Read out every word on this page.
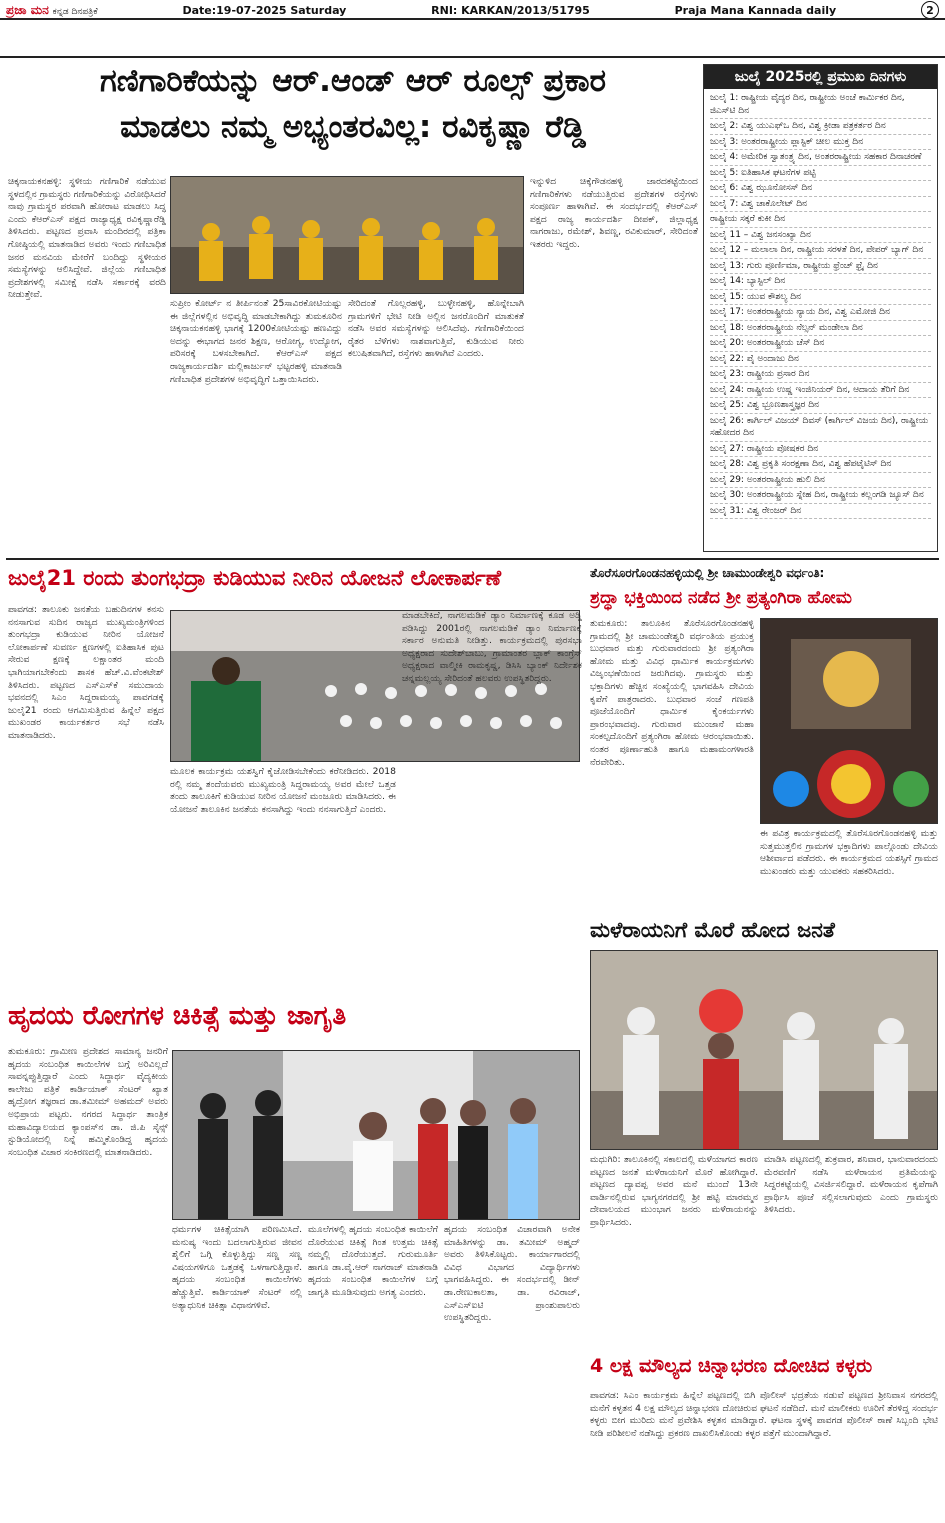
ಪ್ರಜಾ ಮನ ಕನ್ನಡ ದಿನಪತ್ರಿಕೆ	Date:19-07-2025 Saturday	RNI: KARKAN/2013/51795	Praja Mana Kannada daily	2
ಗಣಿಗಾರಿಕೆಯನ್ನು ಆರ್.ಆಂಡ್ ಆರ್ ರೂಲ್ಸ್ ಪ್ರಕಾರ
ಮಾಡಲು ನಮ್ಮ ಅಭ್ಯಂತರವಿಲ್ಲ: ರವಿಕೃಷ್ಣಾ ರೆಡ್ಡಿ
ಜುಲೈ 2025ರಲ್ಲಿ ಪ್ರಮುಖ ದಿನಗಳು
ಜುಲೈ 1: ರಾಷ್ಟ್ರೀಯ ವೈದ್ಯರ ದಿನ, ರಾಷ್ಟ್ರೀಯ ಅಂಚೆ ಕಾರ್ಮಿಕರ ದಿನ, ಜಿಎಸ್‌ಟಿ ದಿನ
ಜುಲೈ 2: ವಿಶ್ವ ಯುಎಫ್‌ಒ ದಿನ, ವಿಶ್ವ ಕ್ರೀಡಾ ಪತ್ರಕರ್ತರ ದಿನ
ಜುಲೈ 3: ಅಂತರರಾಷ್ಟ್ರೀಯ ಪ್ಲಾಸ್ಟಿಕ್ ಚೀಲ ಮುಕ್ತ ದಿನ
ಜುಲೈ 4: ಅಮೇರಿಕ ಸ್ವಾತಂತ್ರ್ಯ ದಿನ, ಅಂತರರಾಷ್ಟ್ರೀಯ ಸಹಕಾರ ದಿನಾಚರಣೆ
ಜುಲೈ 5: ಐತಿಹಾಸಿಕ ಘಟನೆಗಳ ಪಟ್ಟಿ
ಜುಲೈ 6: ವಿಶ್ವ ಝೂನೋಸಸ್ ದಿನ
ಜುಲೈ 7: ವಿಶ್ವ ಚಾಕೊಲೇಟ್ ದಿನ
ರಾಷ್ಟ್ರೀಯ ಸಕ್ಕರೆ ಕುಕೀ ದಿನ
ಜುಲೈ 11 – ವಿಶ್ವ ಜನಸಂಖ್ಯಾ ದಿನ
ಜುಲೈ 12 – ಮಲಾಲಾ ದಿನ, ರಾಷ್ಟ್ರೀಯ ಸರಳತೆ ದಿನ, ಪೇಪರ್ ಬ್ಯಾಗ್ ದಿನ
ಜುಲೈ 13: ಗುರು ಪೂರ್ಣಿಮಾ, ರಾಷ್ಟ್ರೀಯ ಫ್ರೆಂಚ್ ಫ್ರೈ ದಿನ
ಜುಲೈ 14: ಬ್ಯಾಸ್ಟಿಲ್ ದಿನ
ಜುಲೈ 15: ಯುವ ಕೌಶಲ್ಯ ದಿನ
ಜುಲೈ 17: ಅಂತರರಾಷ್ಟ್ರೀಯ ನ್ಯಾಯ ದಿನ, ವಿಶ್ವ ಎಮೋಜಿ ದಿನ
ಜುಲೈ 18: ಅಂತರರಾಷ್ಟ್ರೀಯ ನೆಲ್ಸನ್ ಮಂಡೇಲಾ ದಿನ
ಜುಲೈ 20: ಅಂತರರಾಷ್ಟ್ರೀಯ ಚೆಸ್ ದಿನ
ಜುಲೈ 22: ಪೈ ಅಂದಾಜು ದಿನ
ಜುಲೈ 23: ರಾಷ್ಟ್ರೀಯ ಪ್ರಸಾರ ದಿನ
ಜುಲೈ 24: ರಾಷ್ಟ್ರೀಯ ಉಷ್ಣ ಇಂಜಿನಿಯರ್ ದಿನ, ಆದಾಯ ತೆರಿಗೆ ದಿನ
ಜುಲೈ 25: ವಿಶ್ವ ಭ್ರೂಣಶಾಸ್ತ್ರಜ್ಞರ ದಿನ
ಜುಲೈ 26: ಕಾರ್ಗಿಲ್ ವಿಜಯ್ ದಿವಸ್ (ಕಾರ್ಗಿಲ್ ವಿಜಯ ದಿನ), ರಾಷ್ಟ್ರೀಯ ಸಹೋದರ ದಿನ
ಜುಲೈ 27: ರಾಷ್ಟ್ರೀಯ ಪೋಷಕರ ದಿನ
ಜುಲೈ 28: ವಿಶ್ವ ಪ್ರಕೃತಿ ಸಂರಕ್ಷಣಾ ದಿನ, ವಿಶ್ವ ಹೆಪಟೈಟಿಸ್ ದಿನ
ಜುಲೈ 29: ಅಂತರರಾಷ್ಟ್ರೀಯ ಹುಲಿ ದಿನ
ಜುಲೈ 30: ಅಂತರರಾಷ್ಟ್ರೀಯ ಸ್ನೇಹ ದಿನ, ರಾಷ್ಟ್ರೀಯ ಕಲ್ಲಂಗಡಿ ಜ್ಯೂಸ್ ದಿನ
ಜುಲೈ 31: ವಿಶ್ವ ರೇಂಜರ್ ದಿನ
ಚಿಕ್ಕನಾಯಕನಹಳ್ಳಿ: ಸ್ಥಳೀಯ ಗಣಿಗಾರಿಕೆ ನಡೆಯುವ ಸ್ಥಳದಲ್ಲಿನ ಗ್ರಾಮಸ್ಥರು ಗಣಿಗಾರಿಕೆಯನ್ನು ವಿರೋಧಿಸಿದರೆ ನಾವು ಗ್ರಾಮಸ್ಥರ ಪರವಾಗಿ ಹೋರಾಟ ಮಾಡಲು ಸಿದ್ಧ ಎಂದು ಕೆಆರ್‌ಎಸ್ ಪಕ್ಷದ ರಾಜ್ಯಾಧ್ಯಕ್ಷ ರವಿಕೃಷ್ಣಾರೆಡ್ಡಿ ತಿಳಿಸಿದರು. ಪಟ್ಟಣದ ಪ್ರವಾಸಿ ಮಂದಿರದಲ್ಲಿ ಪತ್ರಿಕಾ ಗೋಷ್ಠಿಯಲ್ಲಿ ಮಾತನಾಡಿದ ಅವರು ಇಂದು ಗಣಿಬಾಧಿತ ಜನರ ಮನವಿಯ ಮೇರೆಗೆ ಬಂದಿದ್ದು ಸ್ಥಳೀಯರ ಸಮಸ್ಯೆಗಳನ್ನು ಆಲಿಸಿದ್ದೇವೆ. ಜಿಲ್ಲೆಯ ಗಣಿಬಾಧಿತ ಪ್ರದೇಶಗಳಲ್ಲಿ ಸಮೀಕ್ಷೆ ನಡೆಸಿ ಸರ್ಕಾರಕ್ಕೆ ವರದಿ ನೀಡುತ್ತೇವೆ.
ಸುಪ್ರೀಂ ಕೋರ್ಟ್ ನ ತೀರ್ಪಿನಂತೆ 25ಸಾವಿರಕೋಟಿಯಷ್ಟು ಈ ಜಿಲ್ಲೆಗಳಲ್ಲಿನ ಅಭಿವೃದ್ಧಿ ಮಾಡಬೇಕಾಗಿದ್ದು ತುಮಕೂರಿನ ಚಿಕ್ಕನಾಯಕನಹಳ್ಳಿ ಭಾಗಕ್ಕೆ 1200ಕೋಟಿಯಷ್ಟು ಹಣವಿದ್ದು ಅದನ್ನು ಈಭಾಗದ ಜನರ ಶಿಕ್ಷಣ, ಆರೋಗ್ಯ, ಉದ್ಯೋಗ, ಪರಿಸರಕ್ಕೆ ಬಳಸಬೇಕಾಗಿದೆ. ಕೆಆರ್‌ಎಸ್ ಪಕ್ಷದ ರಾಜ್ಯಕಾರ್ಯದರ್ಶಿ ಮಲ್ಲಿಕಾರ್ಜುನ್ ಭಟ್ಟರಹಳ್ಳಿ ಮಾತನಾಡಿ ಗಣಿಬಾಧಿತ ಪ್ರದೇಶಗಳ ಅಭಿವೃದ್ಧಿಗೆ ಒತ್ತಾಯಿಸಿದರು.
ಸೇರಿದಂತೆ ಗೊಲ್ಲರಹಳ್ಳಿ, ಬುಳ್ಳೇನಹಳ್ಳಿ, ಹೊನ್ನೇಬಾಗಿ ಗ್ರಾಮಗಳಿಗೆ ಭೇಟಿ ನೀಡಿ ಅಲ್ಲಿನ ಜನರೊಂದಿಗೆ ಮಾತುಕತೆ ನಡೆಸಿ ಅವರ ಸಮಸ್ಯೆಗಳನ್ನು ಆಲಿಸಿದೆವು. ಗಣಿಗಾರಿಕೆಯಿಂದ ರೈತರ ಬೆಳೆಗಳು ನಾಶವಾಗುತ್ತಿವೆ, ಕುಡಿಯುವ ನೀರು ಕಲುಷಿತವಾಗಿದೆ, ರಸ್ತೆಗಳು ಹಾಳಾಗಿವೆ ಎಂದರು.
ಇನ್ನುಳಿದ ಚಿಕ್ಕೆಗೌಡನಹಳ್ಳಿ ಜಾರದಕಟ್ಟೆಯಿಂದ ಗಣಿಗಾರಿಕೆಗಳು ನಡೆಯುತ್ತಿರುವ ಪ್ರದೇಶಗಳ ರಸ್ತೆಗಳು ಸಂಪೂರ್ಣ ಹಾಳಾಗಿವೆ. ಈ ಸಂದರ್ಭದಲ್ಲಿ ಕೆಆರ್‌ಎಸ್ ಪಕ್ಷದ ರಾಜ್ಯ ಕಾರ್ಯದರ್ಶಿ ದೀಪಕ್, ಜಿಲ್ಲಾಧ್ಯಕ್ಷ ನಾಗರಾಜು, ರಮೇಶ್, ಶಿವಣ್ಣ, ರವಿಕುಮಾರ್, ಸೇರಿದಂತೆ ಇತರರು ಇದ್ದರು.
ಜುಲೈ21 ರಂದು ತುಂಗಭದ್ರಾ ಕುಡಿಯುವ ನೀರಿನ ಯೋಜನೆ ಲೋಕಾರ್ಪಣೆ
ಪಾವಗಡ: ತಾಲೂಕು ಜನತೆಯ ಬಹುದಿನಗಳ ಕನಸು ನನಸಾಗುವ ಸುದಿನ ರಾಜ್ಯದ ಮುಖ್ಯಮಂತ್ರಿಗಳಿಂದ ತುಂಗಭದ್ರಾ ಕುಡಿಯುವ ನೀರಿನ ಯೋಜನೆ ಲೋಕಾರ್ಪಣೆ ಸುವರ್ಣ ಕ್ಷಣಗಳಲ್ಲಿ ಐತಿಹಾಸಿಕ ಪುಟ ಸೇರುವ ಕ್ಷಣಕ್ಕೆ ಲಕ್ಷಾಂತರ ಮಂದಿ ಭಾಗಿಯಾಗಬೇಕೆಂದು ಶಾಸಕ ಹೆಚ್.ವಿ.ವೆಂಕಟೇಶ್ ತಿಳಿಸಿದರು. ಪಟ್ಟಣದ ಎಸ್‌ಎಸ್‌ಕೆ ಸಮುದಾಯ ಭವನದಲ್ಲಿ ಸಿಎಂ ಸಿದ್ದರಾಮಯ್ಯ ಪಾವಗಡಕ್ಕೆ ಜುಲೈ21 ರಂದು ಆಗಮಿಸುತ್ತಿರುವ ಹಿನ್ನೆಲೆ ಪಕ್ಷದ ಮುಖಂಡರ ಕಾರ್ಯಕರ್ತರ ಸಭೆ ನಡೆಸಿ ಮಾತನಾಡಿದರು.
ಮೂಲಕ ಕಾರ್ಯಕ್ರಮ ಯಶಸ್ವಿಗೆ ಕೈಜೋಡಿಸಬೇಕೆಂದು ಕರೆನೀಡಿದರು. 2018 ರಲ್ಲಿ ನಮ್ಮ ತಂದೆಯವರು ಮುಖ್ಯಮಂತ್ರಿ ಸಿದ್ದರಾಮಯ್ಯ ಅವರ ಮೇಲೆ ಒತ್ತಡ ತಂದು ತಾಲೂಕಿಗೆ ಕುಡಿಯುವ ನೀರಿನ ಯೋಜನೆ ಮಂಜೂರು ಮಾಡಿಸಿದರು. ಈ ಯೋಜನೆ ತಾಲೂಕಿನ ಜನತೆಯ ಕನಸಾಗಿದ್ದು ಇಂದು ನನಸಾಗುತ್ತಿದೆ ಎಂದರು.
ಮಾಡಬೇಕಿದೆ, ನಾಗಲಮಡಿಕೆ ಡ್ಯಾಂ ನಿರ್ಮಾಣಕ್ಕೆ ಕೂಡ ಅಡ್ಡಿ ಪಡಿಸಿದ್ದು 2001ರಲ್ಲಿ ನಾಗಲಮಡಿಕೆ ಡ್ಯಾಂ ನಿರ್ಮಾಣಕ್ಕೆ ಸರ್ಕಾರ ಅನುಮತಿ ನೀಡಿತ್ತು. ಕಾರ್ಯಕ್ರಮದಲ್ಲಿ ಪುರಸಭಾ ಅಧ್ಯಕ್ಷರಾದ ಸುದೇಶ್‌ಬಾಬು, ಗ್ರಾಮಾಂತರ ಬ್ಲಾಕ್ ಕಾಂಗ್ರೆಸ್ ಅಧ್ಯಕ್ಷರಾದ ವಾಲ್ಮೀಕಿ ರಾಮಕೃಷ್ಣ, ಡಿಸಿಸಿ ಬ್ಯಾಂಕ್ ನಿರ್ದೇಶಕ ಚನ್ನಮಲ್ಲಯ್ಯ ಸೇರಿದಂತೆ ಹಲವರು ಉಪಸ್ಥಿತರಿದ್ದರು.
ತೊರೆಸೂರಗೊಂಡನಹಳ್ಳಿಯಲ್ಲಿ ಶ್ರೀ ಚಾಮುಂಡೇಶ್ವರಿ ವರ್ಧಂತಿ:
ಶ್ರದ್ಧಾ ಭಕ್ತಿಯಿಂದ ನಡೆದ ಶ್ರೀ ಪ್ರತ್ಯಂಗಿರಾ ಹೋಮ
ತುಮಕೂರು: ತಾಲೂಕಿನ ತೊರೆಸೂರಗೊಂಡನಹಳ್ಳಿ ಗ್ರಾಮದಲ್ಲಿ ಶ್ರೀ ಚಾಮುಂಡೇಶ್ವರಿ ವರ್ಧಂತಿಯ ಪ್ರಯುಕ್ತ ಬುಧವಾರ ಮತ್ತು ಗುರುವಾರದಂದು ಶ್ರೀ ಪ್ರತ್ಯಂಗಿರಾ ಹೋಮ ಮತ್ತು ವಿವಿಧ ಧಾರ್ಮಿಕ ಕಾರ್ಯಕ್ರಮಗಳು ವಿಜೃಂಭಣೆಯಿಂದ ಜರುಗಿದವು. ಗ್ರಾಮಸ್ಥರು ಮತ್ತು ಭಕ್ತಾದಿಗಳು ಹೆಚ್ಚಿನ ಸಂಖ್ಯೆಯಲ್ಲಿ ಭಾಗವಹಿಸಿ ದೇವಿಯ ಕೃಪೆಗೆ ಪಾತ್ರರಾದರು. ಬುಧವಾರ ಸಂಜೆ ಗಣಪತಿ ಪೂಜೆಯೊಂದಿಗೆ ಧಾರ್ಮಿಕ ಕೈಂಕರ್ಯಗಳು ಪ್ರಾರಂಭವಾದವು. ಗುರುವಾರ ಮುಂಜಾನೆ ಮಹಾ ಸಂಕಲ್ಪದೊಂದಿಗೆ ಪ್ರತ್ಯಂಗಿರಾ ಹೋಮ ಆರಂಭವಾಯಿತು. ನಂತರ ಪೂರ್ಣಾಹುತಿ ಹಾಗೂ ಮಹಾಮಂಗಳಾರತಿ ನೆರವೇರಿತು.
ಈ ಪವಿತ್ರ ಕಾರ್ಯಕ್ರಮದಲ್ಲಿ ತೊರೆಸೂರಗೊಂಡನಹಳ್ಳಿ ಮತ್ತು ಸುತ್ತಮುತ್ತಲಿನ ಗ್ರಾಮಗಳ ಭಕ್ತಾದಿಗಳು ಪಾಲ್ಗೊಂಡು ದೇವಿಯ ಆಶೀರ್ವಾದ ಪಡೆದರು. ಈ ಕಾರ್ಯಕ್ರಮದ ಯಶಸ್ಸಿಗೆ ಗ್ರಾಮದ ಮುಖಂಡರು ಮತ್ತು ಯುವಕರು ಸಹಕರಿಸಿದರು.
ಮಳೆರಾಯನಿಗೆ ಮೊರೆ ಹೋದ ಜನತೆ
ಮಧುಗಿರಿ: ತಾಲೂಕಿನಲ್ಲಿ ಸಕಾಲದಲ್ಲಿ ಮಳೆಯಾಗದ ಕಾರಣ ಪಟ್ಟಣದ ಜನತೆ ಮಳೆರಾಯನಿಗೆ ಮೊರೆ ಹೋಗಿದ್ದಾರೆ. ಪಟ್ಟಣದ ದ್ಯಾವಪ್ಪ ಅವರ ಮನೆ ಮುಂದೆ 13ನೇ ವಾರ್ಡಿನಲ್ಲಿರುವ ಭಾಗ್ಯನಗರದಲ್ಲಿ ಶ್ರೀ ಹಟ್ಟಿ ಮಾರಮ್ಮನ ದೇವಾಲಯದ ಮುಂಭಾಗ ಜನರು ಮಳೆರಾಯನನ್ನು ಪ್ರಾರ್ಥಿಸಿದರು.
ಮಾಡಿಸಿ ಪಟ್ಟಣದಲ್ಲಿ ಶುಕ್ರವಾರ, ಶನಿವಾರ, ಭಾನುವಾರದಂದು ಮೆರವಣಿಗೆ ನಡೆಸಿ ಮಳೆರಾಯನ ಪ್ರತಿಮೆಯನ್ನು ಸಿದ್ದರಕಟ್ಟೆಯಲ್ಲಿ ವಿಸರ್ಜಿಸಲಿದ್ದಾರೆ. ಮಳೆರಾಯನ ಕೃಪೆಗಾಗಿ ಪ್ರಾರ್ಥಿಸಿ ಪೂಜೆ ಸಲ್ಲಿಸಲಾಗುವುದು ಎಂದು ಗ್ರಾಮಸ್ಥರು ತಿಳಿಸಿದರು.
ಹೃದಯ ರೋಗಗಳ ಚಿಕಿತ್ಸೆ ಮತ್ತು ಜಾಗೃತಿ
ತುಮಕೂರು: ಗ್ರಾಮೀಣ ಪ್ರದೇಶದ ಸಾಮಾನ್ಯ ಜನರಿಗೆ ಹೃದಯ ಸಂಬಂಧಿತ ಕಾಯಿಲೆಗಳ ಬಗ್ಗೆ ಅರಿವಿಲ್ಲದೆ ಸಾವನ್ನಪ್ಪುತ್ತಿದ್ದಾರೆ ಎಂದು ಸಿದ್ಧಾರ್ಥ ವೈದ್ಯಕೀಯ ಕಾಲೇಜು ಪತ್ರಿಕೆ ಕಾರ್ಡಿಯಾಕ್ ಸೆಂಟರ್ ಖ್ಯಾತ ಹೃದ್ರೋಗ ತಜ್ಞರಾದ ಡಾ.ತಮೀಮ್ ಅಹಮದ್ ಅವರು ಅಭಿಪ್ರಾಯ ಪಟ್ಟರು. ನಗರದ ಸಿದ್ಧಾರ್ಥ ತಾಂತ್ರಿಕ ಮಹಾವಿದ್ಯಾಲಯದ ಕ್ಯಾಂಪಸ್‌ನ ಡಾ. ಜಿ.ಪಿ ಸೈನ್ಸ್ ಸ್ಟುಡಿಯೋದಲ್ಲಿ ನಿನ್ನೆ ಹಮ್ಮಿಕೊಂಡಿದ್ದ ಹೃದಯ ಸಂಬಂಧಿತ ವಿಚಾರ ಸಂಕಿರಣದಲ್ಲಿ ಮಾತನಾಡಿದರು.
ಧರ್ಮಗಳ ಚಿಕಿತ್ಸೆಯಾಗಿ ಪರಿಣಮಿಸಿದೆ. ಮನುಷ್ಯ ಇಂದು ಬದಲಾಗುತ್ತಿರುವ ಜೀವನ ಶೈಲಿಗೆ ಒಗ್ಗಿ ಕೊಳ್ಳುತ್ತಿದ್ದು ಸಣ್ಣ ಸಣ್ಣ ವಿಷಯಗಳಿಗೂ ಒತ್ತಡಕ್ಕೆ ಒಳಗಾಗುತ್ತಿದ್ದಾನೆ. ಹೃದಯ ಸಂಬಂಧಿತ ಕಾಯಿಲೆಗಳು ಹೆಚ್ಚುತ್ತಿವೆ. ಕಾರ್ಡಿಯಾಕ್ ಸೆಂಟರ್ ನಲ್ಲಿ ಅತ್ಯಾಧುನಿಕ ಚಿಕಿತ್ಸಾ ವಿಧಾನಗಳಿವೆ.
ಮೂಲೆಗಳಲ್ಲಿ ಹೃದಯ ಸಂಬಂಧಿತ ಕಾಯಿಲೆಗೆ ದೊರೆಯುವ ಚಿಕಿತ್ಸೆ ಗಿಂತ ಉತ್ತಮ ಚಿಕಿತ್ಸೆ ನಮ್ಮಲ್ಲಿ ದೊರೆಯುತ್ತದೆ. ಗುರುಮೂರ್ತಿ ಹಾಗೂ ಡಾ.ವೈ.ಆರ್ ನಾಗರಾಜ್ ಮಾತನಾಡಿ ಹೃದಯ ಸಂಬಂಧಿತ ಕಾಯಿಲೆಗಳ ಬಗ್ಗೆ ಜಾಗೃತಿ ಮೂಡಿಸುವುದು ಅಗತ್ಯ ಎಂದರು.
ಹೃದಯ ಸಂಬಂಧಿತ ವಿಚಾರವಾಗಿ ಅನೇಕ ಮಾಹಿತಿಗಳನ್ನು ಡಾ. ತಮೀಮ್ ಅಹ್ಮದ್ ಅವರು ತಿಳಿಸಿಕೊಟ್ಟರು. ಕಾರ್ಯಾಗಾರದಲ್ಲಿ ವಿವಿಧ ವಿಭಾಗದ ವಿದ್ಯಾರ್ಥಿಗಳು ಭಾಗವಹಿಸಿದ್ದರು. ಈ ಸಂದರ್ಭದಲ್ಲಿ ಡೀನ್ ಡಾ.ರೇಣುಕಾಲತಾ, ಡಾ. ರವಿರಾಜ್, ಎಸ್‌ಎಸ್‌ಐಟಿ ಪ್ರಾಂಶುಪಾಲರು ಉಪಸ್ಥಿತರಿದ್ದರು.
4 ಲಕ್ಷ ಮೌಲ್ಯದ ಚಿನ್ನಾಭರಣ ದೋಚಿದ ಕಳ್ಳರು
ಪಾವಗಡ: ಸಿಎಂ ಕಾರ್ಯಕ್ರಮ ಹಿನ್ನೆಲೆ ಪಟ್ಟಣದಲ್ಲಿ ಬಿಗಿ ಪೊಲೀಸ್ ಭದ್ರತೆಯ ನಡುವೆ ಪಟ್ಟಣದ ಶ್ರೀನಿವಾಸ ನಗರದಲ್ಲಿ ಮನೆಗೆ ಕಳ್ಳತನ 4 ಲಕ್ಷ ಮೌಲ್ಯದ ಚಿನ್ನಾಭರಣ ದೋಚಿರುವ ಘಟನೆ ನಡೆದಿದೆ. ಮನೆ ಮಾಲೀಕರು ಊರಿಗೆ ತೆರಳಿದ್ದ ಸಂದರ್ಭ ಕಳ್ಳರು ಬೀಗ ಮುರಿದು ಮನೆ ಪ್ರವೇಶಿಸಿ ಕಳ್ಳತನ ಮಾಡಿದ್ದಾರೆ. ಘಟನಾ ಸ್ಥಳಕ್ಕೆ ಪಾವಗಡ ಪೊಲೀಸ್ ಠಾಣೆ ಸಿಬ್ಬಂದಿ ಭೇಟಿ ನೀಡಿ ಪರಿಶೀಲನೆ ನಡೆಸಿದ್ದು ಪ್ರಕರಣ ದಾಖಲಿಸಿಕೊಂಡು ಕಳ್ಳರ ಪತ್ತೆಗೆ ಮುಂದಾಗಿದ್ದಾರೆ.
